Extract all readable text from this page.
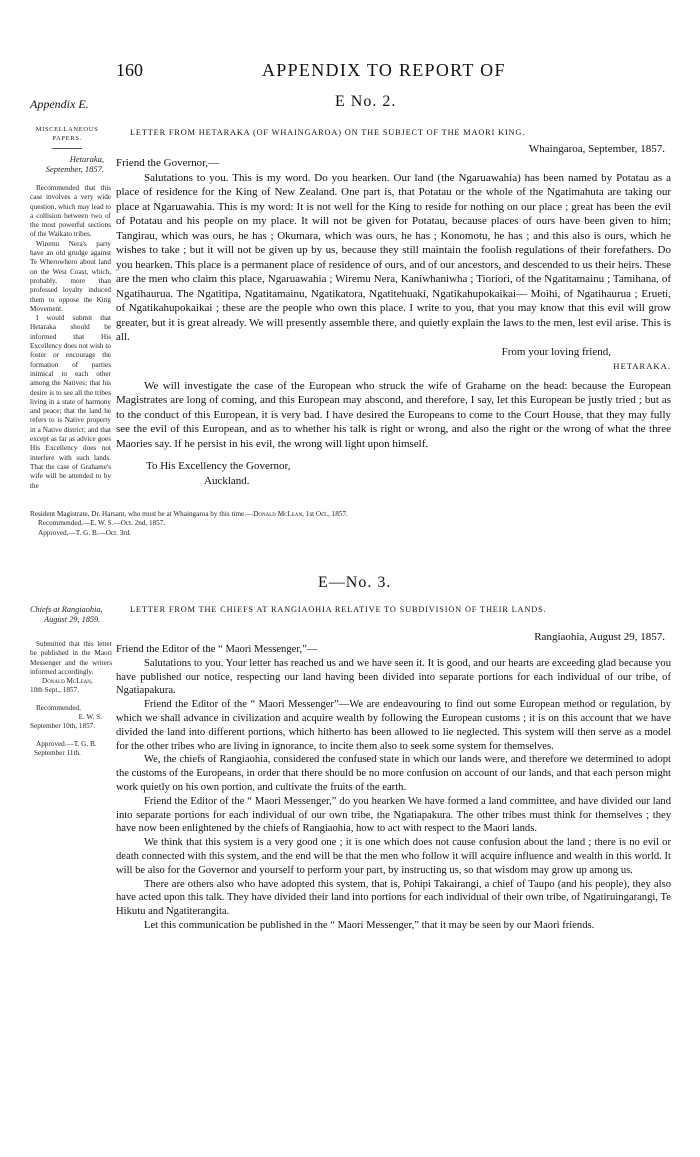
160	APPENDIX TO REPORT OF
Appendix E.	E No. 2.
MISCELLANEOUS
PAPERS.
LETTER FROM HETARAKA (OF WHAINGAROA) ON THE SUBJECT OF THE MAORI KING.
Hetaraka,
September, 1857.
Whaingaroa, September, 1857.

Friend the Governor,—

Salutations to you. This is my word. Do you hearken. Our land (the Ngaruawahia) has been named by Potatau as a place of residence for the King of New Zealand. One part is, that Potatau or the whole of the Ngatimahuta are taking our place at Ngaruawahia. This is my word: It is not well for the King to reside for nothing on our place ; great has been the evil of Potatau and his people on my place. It will not be given for Potatau, because places of ours have been given to him; Tangirau, which was ours, he has ; Okumara, which was ours, he has ; Konomotu, he has ; and this also is ours, which he wishes to take ; but it will not be given up by us, because they still maintain the foolish regulations of their forefathers. Do you hearken. This place is a permanent place of residence of ours, and of our ancestors, and descended to us their heirs. These are the men who claim this place, Ngaruawahia ; Wiremu Nera, Kaniwhaniwha ; Tioriori, of the Ngatitamainu ; Tamihana, of Ngatihaurua. The Ngatitipa, Ngatitamainu, Ngatikatora, Ngatitehuaki, Ngatikahupokaikai— Moihi, of Ngatihaurua ; Erueti, of Ngatikahupokaikai ; these are the people who own this place. I write to you, that you may know that this evil will grow greater, but it is great already. We will presently assemble there, and quietly explain the laws to the men, lest evil arise. This is all.

From your loving friend,
HETARAKA.

We will investigate the case of the European who struck the wife of Grahame on the head: because the European Magistrates are long of coming, and this European may abscond, and therefore, I say, let this European be justly tried ; but as to the conduct of this European, it is very bad. I have desired the Europeans to come to the Court House, that they may fully see the evil of this European, and as to whether his talk is right or wrong, and also the right or the wrong of what the three Maories say. If he persist in his evil, the wrong will light upon himself.

To His Excellency the Governor,
Auckland.
Recommended that this case involves a very wide question, which may lead to a collision between two of the most powerful sections of the Waikato tribes.
Wiremu Nera's party have an old grudge against Te Wherowhero about land on the West Coast, which, probably, more than professed loyalty induced them to oppose the King Movement.
I would submit that Hetaraka should be informed that His Excellency does not wish to foster or encourage the formation of parties inimical to each other among the Natives; that his desire is to see all the tribes living in a state of harmony and peace; that the land he refers to is Native property in a Native district; and that except as far as advice goes His Excellency does not interfere with such lands. That the case of Grahame's wife will be attended to by the
Resident Magistrate, Dr. Harsant, who must be at Whaingaroa by this time.—Donald McLean, 1st Oct., 1857.
Recommended,—E. W. S.—Oct. 2nd, 1857.
Approved,—T. G. B.—Oct. 3rd.
E—No. 3.
Chiefs at Rangiaohia,
August 29, 1859.
LETTER FROM THE CHIEFS AT RANGIAOHIA RELATIVE TO SUBDIVISION OF THEIR LANDS.
Rangiaohia, August 29, 1857.

Friend the Editor of the “ Maori Messenger,”—

Salutations to you. Your letter has reached us and we have seen it. It is good, and our hearts are exceeding glad because you have published our notice, respecting our land having been divided into separate portions for each individual of our tribe, of Ngatiapakura.

Friend the Editor of the “ Maori Messenger”—We are endeavouring to find out some European method or regulation, by which we shall advance in civilization and acquire wealth by following the European customs ; it is on this account that we have divided the land into different portions, which hitherto has been allowed to lie neglected. This system will then serve as a model for the other tribes who are living in ignorance, to incite them also to seek some system for themselves.

We, the chiefs of Rangiaohia, considered the confused state in which our lands were, and therefore we determined to adopt the customs of the Europeans, in order that there should be no more confusion on account of our lands, and that each person might work quietly on his own portion, and cultivate the fruits of the earth.

Friend the Editor of the “ Maori Messenger,” do you hearken We have formed a land committee, and have divided our land into separate portions for each individual of our own tribe, the Ngatiapakura. The other tribes must think for themselves ; they have now been enlightened by the chiefs of Rangiaohia, how to act with respect to the Maori lands.

We think that this system is a very good one ; it is one which does not cause confusion about the land ; there is no evil or death connected with this system, and the end will be that the men who follow it will acquire influence and wealth in this world. It will be also for the Governor and yourself to perform your part, by instructing us, so that wisdom may grow up among us.

There are others also who have adopted this system, that is, Pohipi Takairangi, a chief of Taupo (and his people), they also have acted upon this talk. They have divided their land into portions for each individual of their own tribe, of Ngatiruingarangi, Te Hikutu and Ngatiterangita.

Let this communication be published in the “ Maori Messenger,” that it may be seen by our Maori friends.

Submitted that this letter be published in the Maori Messenger and the writers informed accordingly.
Donald McLean,
10th Sept., 1857.
Recommended,
E. W. S.
September 10th, 1857.
Approved.—T. G. B.
September 11th.
